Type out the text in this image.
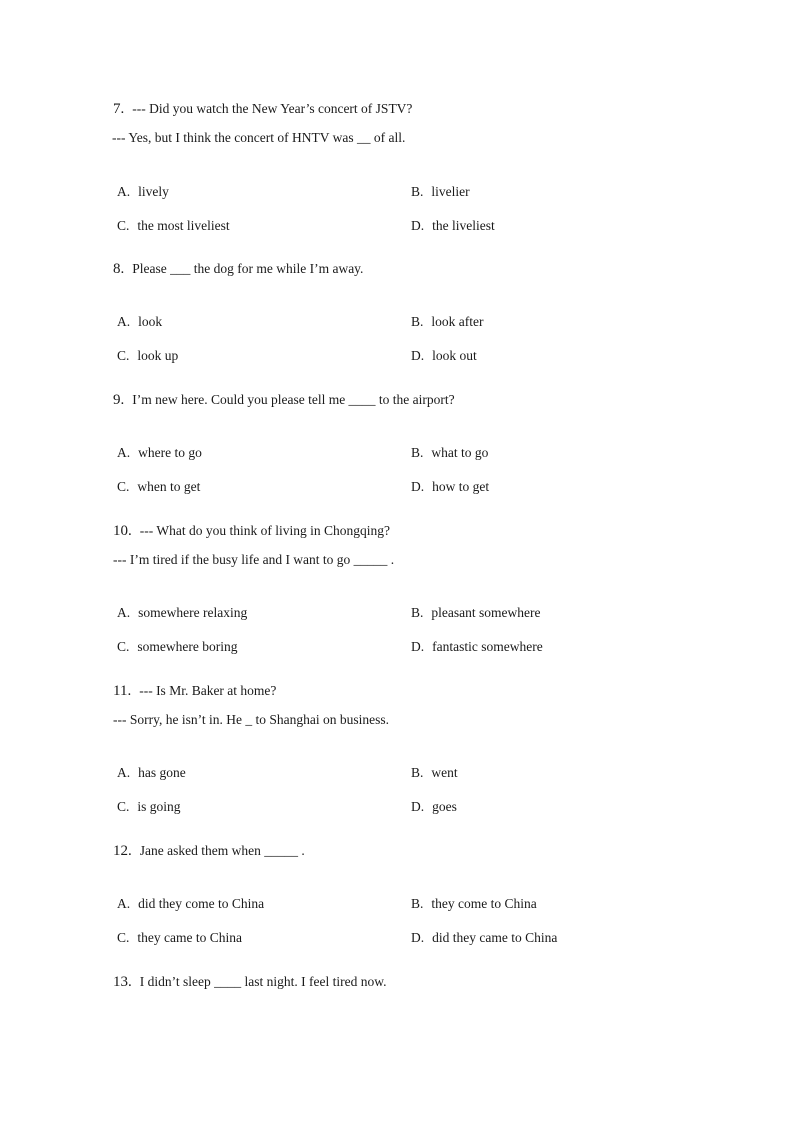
7. --- Did you watch the New Year’s concert of JSTV?
--- Yes, but I think the concert of HNTV was __ of all.
A. lively	B. livelier
C. the most liveliest	D. the liveliest
8. Please ___ the dog for me while I’m away.
A. look	B. look after
C. look up	D. look out
9. I’m new here. Could you please tell me ____ to the airport?
A. where to go	B. what to go
C. when to get	D. how to get
10. --- What do you think of living in Chongqing?
--- I’m tired if the busy life and I want to go _____ .
A. somewhere relaxing	B. pleasant somewhere
C. somewhere boring	D. fantastic somewhere
11. --- Is Mr. Baker at home?
--- Sorry, he isn’t in. He _ to Shanghai on business.
A. has gone	B. went
C. is going	D. goes
12. Jane asked them when _____ .
A. did they come to China	B. they come to China
C. they came to China	D. did they came to China
13. I didn’t sleep ____ last night. I feel tired now.
